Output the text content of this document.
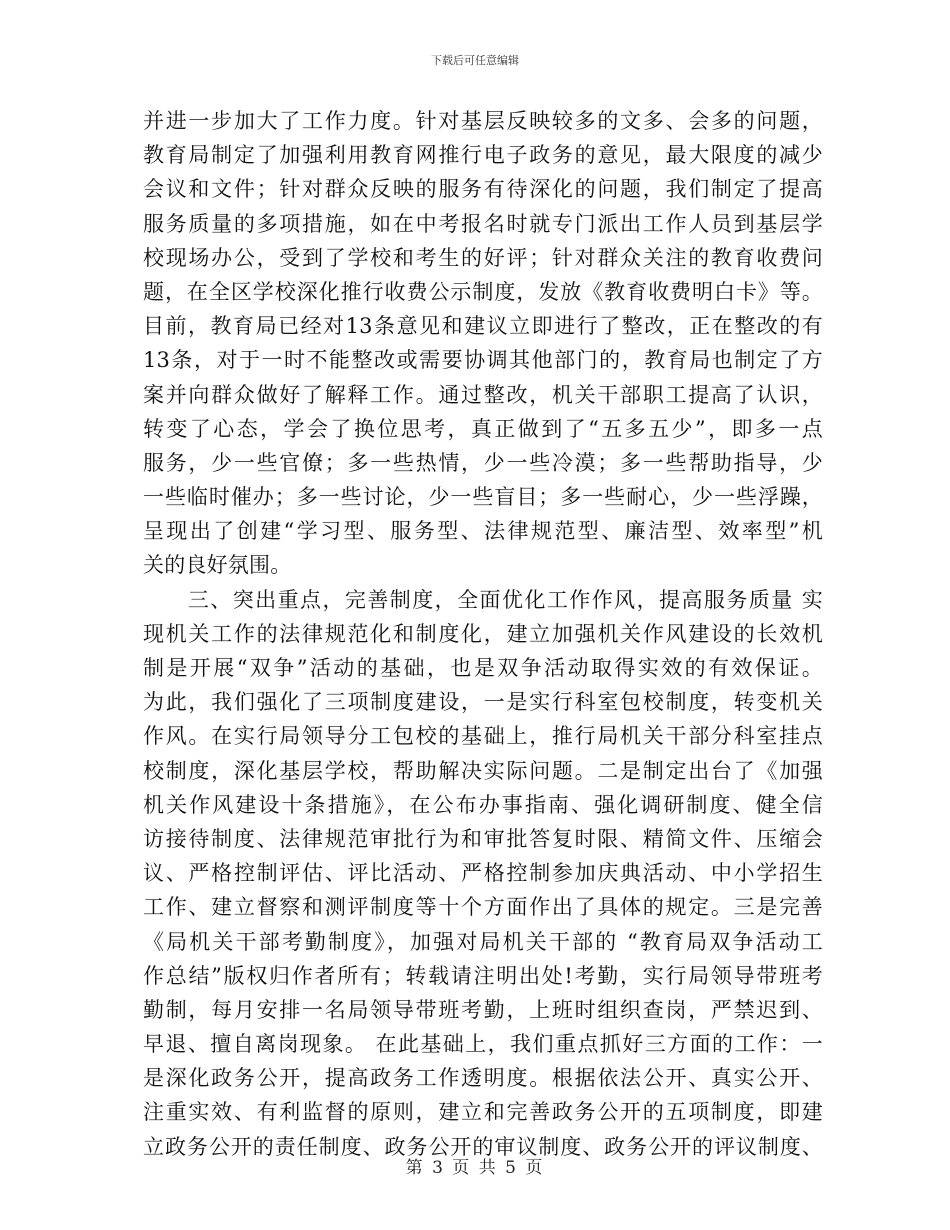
下载后可任意编辑
并进一步加大了工作力度。针对基层反映较多的文多、会多的问题，
教育局制定了加强利用教育网推行电子政务的意见，最大限度的减少
会议和文件；针对群众反映的服务有待深化的问题，我们制定了提高
服务质量的多项措施，如在中考报名时就专门派出工作人员到基层学
校现场办公，受到了学校和考生的好评；针对群众关注的教育收费问
题，在全区学校深化推行收费公示制度，发放《教育收费明白卡》等。
目前，教育局已经对13条意见和建议立即进行了整改，正在整改的有
13条，对于一时不能整改或需要协调其他部门的，教育局也制定了方
案并向群众做好了解释工作。通过整改，机关干部职工提高了认识，
转变了心态，学会了换位思考，真正做到了“五多五少”，即多一点
服务，少一些官僚；多一些热情，少一些冷漠；多一些帮助指导，少
一些临时催办；多一些讨论，少一些盲目；多一些耐心，少一些浮躁，
呈现出了创建“学习型、服务型、法律规范型、廉洁型、效率型”机
关的良好氛围。
　　三、突出重点，完善制度，全面优化工作作风，提高服务质量 实
现机关工作的法律规范化和制度化，建立加强机关作风建设的长效机
制是开展“双争”活动的基础，也是双争活动取得实效的有效保证。
为此，我们强化了三项制度建设，一是实行科室包校制度，转变机关
作风。在实行局领导分工包校的基础上，推行局机关干部分科室挂点
校制度，深化基层学校，帮助解决实际问题。二是制定出台了《加强
机关作风建设十条措施》，在公布办事指南、强化调研制度、健全信
访接待制度、法律规范审批行为和审批答复时限、精简文件、压缩会
议、严格控制评估、评比活动、严格控制参加庆典活动、中小学招生
工作、建立督察和测评制度等十个方面作出了具体的规定。三是完善
《局机关干部考勤制度》，加强对局机关干部的 “教育局双争活动工
作总结”版权归作者所有；转载请注明出处!考勤，实行局领导带班考
勤制，每月安排一名局领导带班考勤，上班时组织查岗，严禁迟到、
早退、擅自离岗现象。 在此基础上，我们重点抓好三方面的工作：一
是深化政务公开，提高政务工作透明度。根据依法公开、真实公开、
注重实效、有利监督的原则，建立和完善政务公开的五项制度，即建
立政务公开的责任制度、政务公开的审议制度、政务公开的评议制度、
第 3 页 共 5 页
